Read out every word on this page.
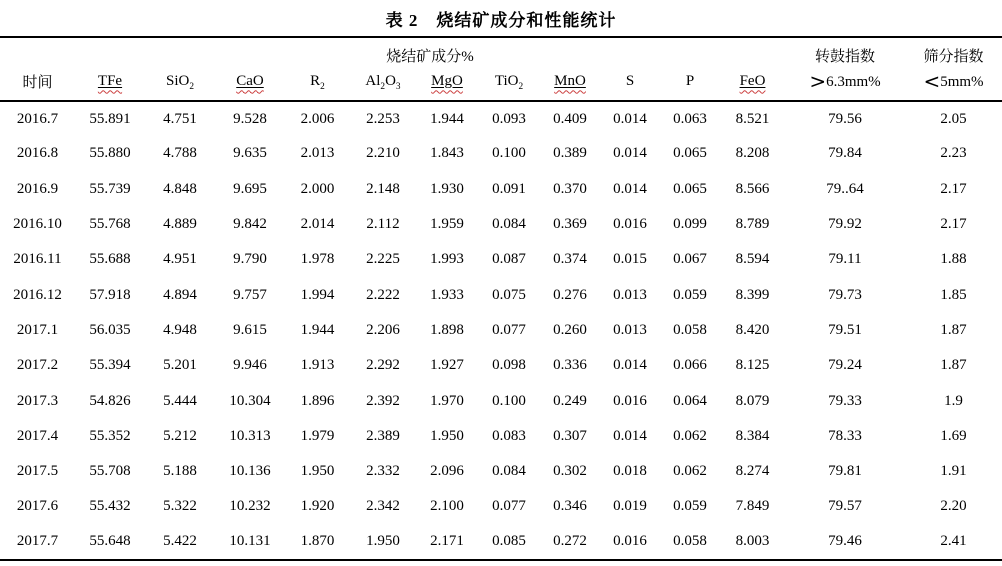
表 2　烧结矿成分和性能统计
	烧结矿成分%											转鼓指数	筛分指数
时间	TFe	SiO$_2$	CaO	$R_2$	$Al_2O_3$	MgO	TiO$_2$	MnO	S	P	FeO	>6.3mm%	<5mm%
2016.7	55.891	4.751	9.528	2.006	2.253	1.944	0.093	0.409	0.014	0.063	8.521	79.56	2.05
2016.8	55.880	4.788	9.635	2.013	2.210	1.843	0.100	0.389	0.014	0.065	8.208	79.84	2.23
2016.9	55.739	4.848	9.695	2.000	2.148	1.930	0.091	0.370	0.014	0.065	8.566	79..64	2.17
2016.10	55.768	4.889	9.842	2.014	2.112	1.959	0.084	0.369	0.016	0.099	8.789	79.92	2.17
2016.11	55.688	4.951	9.790	1.978	2.225	1.993	0.087	0.374	0.015	0.067	8.594	79.11	1.88
2016.12	57.918	4.894	9.757	1.994	2.222	1.933	0.075	0.276	0.013	0.059	8.399	79.73	1.85
2017.1	56.035	4.948	9.615	1.944	2.206	1.898	0.077	0.260	0.013	0.058	8.420	79.51	1.87
2017.2	55.394	5.201	9.946	1.913	2.292	1.927	0.098	0.336	0.014	0.066	8.125	79.24	1.87
2017.3	54.826	5.444	10.304	1.896	2.392	1.970	0.100	0.249	0.016	0.064	8.079	79.33	1.9
2017.4	55.352	5.212	10.313	1.979	2.389	1.950	0.083	0.307	0.014	0.062	8.384	78.33	1.69
2017.5	55.708	5.188	10.136	1.950	2.332	2.096	0.084	0.302	0.018	0.062	8.274	79.81	1.91
2017.6	55.432	5.322	10.232	1.920	2.342	2.100	0.077	0.346	0.019	0.059	7.849	79.57	2.20
2017.7	55.648	5.422	10.131	1.870	1.950	2.171	0.085	0.272	0.016	0.058	8.003	79.46	2.41
